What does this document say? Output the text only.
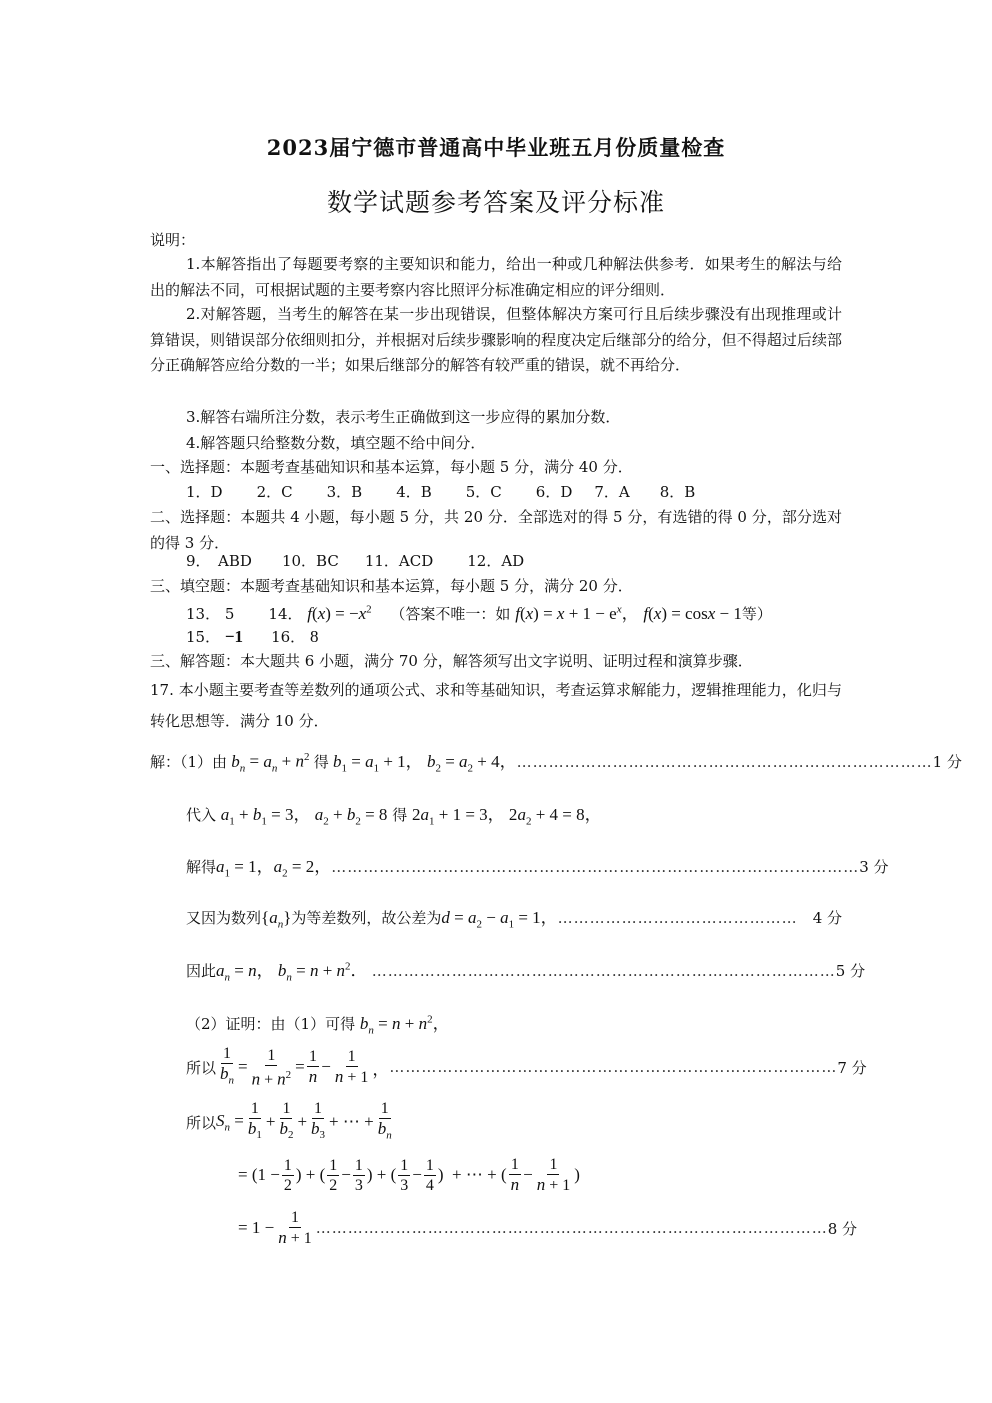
2023届宁德市普通高中毕业班五月份质量检查
数学试题参考答案及评分标准
说明：
1.本解答指出了每题要考察的主要知识和能力，给出一种或几种解法供参考．如果考生的解法与给出的解法不同，可根据试题的主要考察内容比照评分标准确定相应的评分细则．
2.对解答题，当考生的解答在某一步出现错误，但整体解决方案可行且后续步骤没有出现推理或计算错误，则错误部分依细则扣分，并根据对后续步骤影响的程度决定后继部分的给分，但不得超过后续部分正确解答应给分数的一半；如果后继部分的解答有较严重的错误，就不再给分．
3.解答右端所注分数，表示考生正确做到这一步应得的累加分数．
4.解答题只给整数分数，填空题不给中间分．
一、选择题：本题考查基础知识和基本运算，每小题 5 分，满分 40 分．
1．D 2．C 3．B 4．B 5．C 6．D 7．A 8．B
二、选择题：本题共 4 小题，每小题 5 分，共 20 分．全部选对的得 5 分，有选错的得 0 分，部分选对的得 3 分．
9．　ABD 10．BC 11．ACD 12．AD
三、填空题：本题考查基础知识和基本运算，每小题 5 分，满分 20 分．
13． 5 14． $f(x) = -x^2$ （答案不唯一：如 $f(x) = x + 1 - e^x$， f(x) = cosx − 1等）
15． −1 16． 8
三、解答题：本大题共 6 小题，满分 70 分，解答须写出文字说明、证明过程和演算步骤．
17. 本小题主要考查等差数列的通项公式、求和等基础知识，考查运算求解能力，逻辑推理能力，化归与转化思想等．满分 10 分．
解：（1）由 $b_n = a_n + n^2$ 得 $b_1 = a_1 + 1$， $b_2 = a_2 + 4$， …………………………………………………………………… 1 分
代入 $a_1 + b_1 = 3$， $a_2 + b_2 = 8$ 得 $2a_1 + 1 = 3$， $2a_2 + 4 = 8$，
解得 $a_1 = 1$，$a_2 = 2$， ……………………………………………………………………………………… 3 分
又因为数列 $\{a_n\}$ 为等差数列，故公差为 $d = a_2 - a_1 = 1$， ………………………………………	4 分
因此 $a_n = n$， $b_n = n + n^2$． …………………………………………………………………………… 5 分
（2）证明：由（1）可得 $b_n = n + n^2$，
所以 $\frac{1}{b_n} = \frac{1}{n + n^2} = \frac{1}{n} - \frac{1}{n + 1}$ ， ………………………………………………………………………… 7 分
所以 $S_n = \frac{1}{b_1} + \frac{1}{b_2} + \frac{1}{b_3}$ + ⋯ + $\frac{1}{b_n}$
= ($1 - \frac{1}{2}$ ) + ( $\frac{1}{2} - \frac{1}{3}$ ) + ( $\frac{1}{3} - \frac{1}{4}$ )  + ⋯ + ( $\frac{1}{n} - \frac{1}{n + 1}$ )
= $1 - \frac{1}{n + 1}$ …………………………………………………………………………………… 8 分
